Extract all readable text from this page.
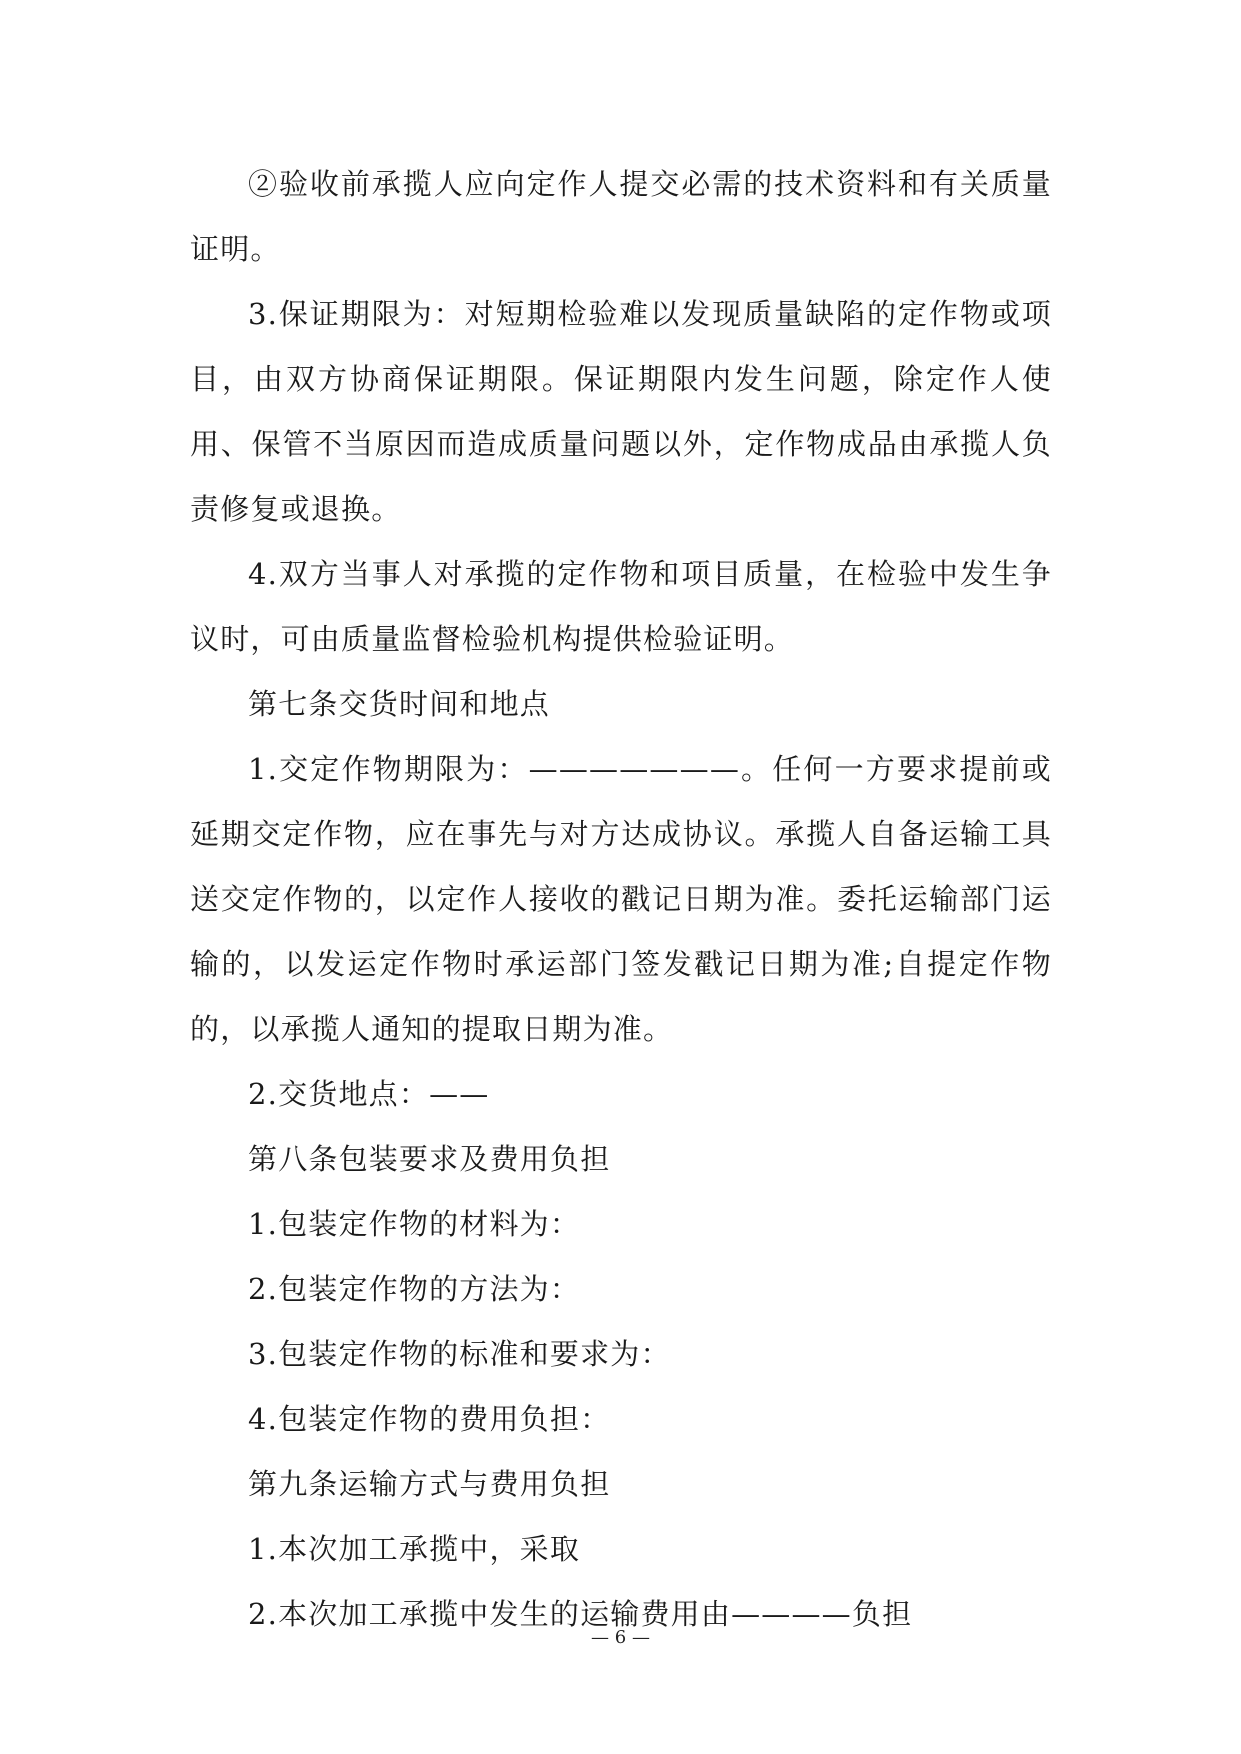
②验收前承揽人应向定作人提交必需的技术资料和有关质量证明。

3.保证期限为：对短期检验难以发现质量缺陷的定作物或项目，由双方协商保证期限。保证期限内发生问题，除定作人使用、保管不当原因而造成质量问题以外，定作物成品由承揽人负责修复或退换。

4.双方当事人对承揽的定作物和项目质量，在检验中发生争议时，可由质量监督检验机构提供检验证明。

第七条交货时间和地点

1.交定作物期限为：———————。任何一方要求提前或延期交定作物，应在事先与对方达成协议。承揽人自备运输工具送交定作物的，以定作人接收的戳记日期为准。委托运输部门运输的，以发运定作物时承运部门签发戳记日期为准;自提定作物的，以承揽人通知的提取日期为准。

2.交货地点：——

第八条包装要求及费用负担

1.包装定作物的材料为：

2.包装定作物的方法为：

3.包装定作物的标准和要求为：

4.包装定作物的费用负担：

第九条运输方式与费用负担

1.本次加工承揽中，采取

2.本次加工承揽中发生的运输费用由————负担

— 6 —
